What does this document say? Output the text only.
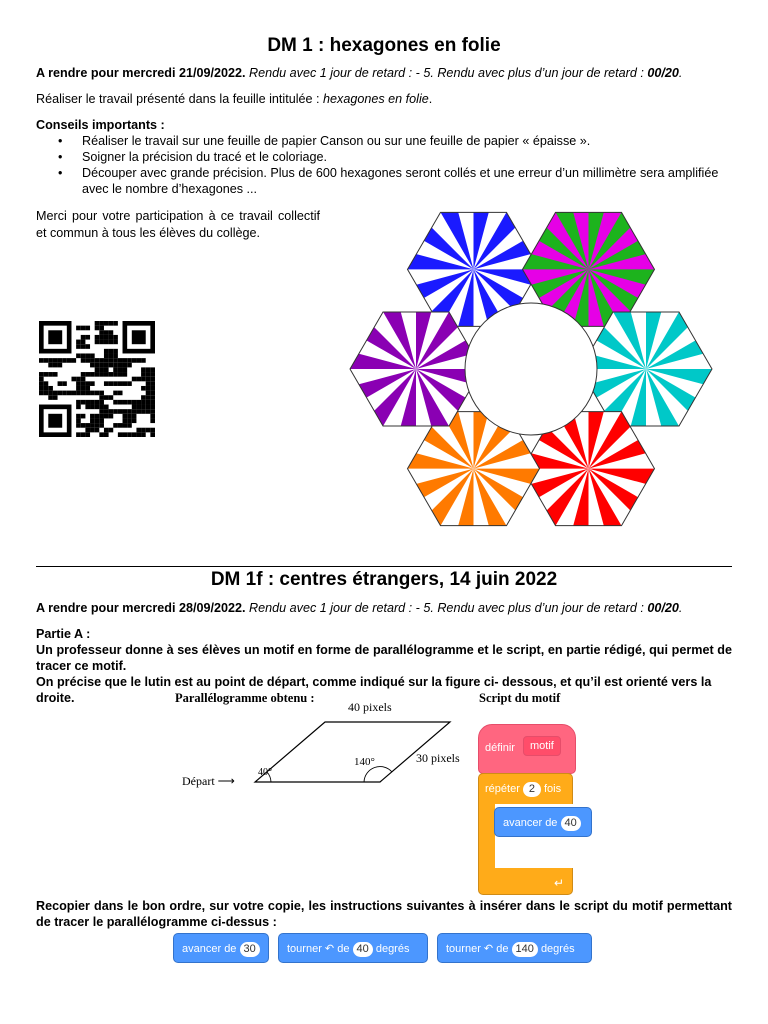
DM 1 : hexagones en folie
A rendre pour mercredi 21/09/2022. Rendu avec 1 jour de retard : - 5. Rendu avec plus d’un jour de retard : 00/20.
Réaliser le travail présenté dans la feuille intitulée : hexagones en folie.
Conseils importants :
• Réaliser le travail sur une feuille de papier Canson ou sur une feuille de papier « épaisse ».
• Soigner la précision du tracé et le coloriage.
• Découper avec grande précision. Plus de 600 hexagones seront collés et une erreur d’un millimètre sera amplifiée avec le nombre d’hexagones ...
Merci pour votre participation à ce travail collectif et commun à tous les élèves du collège.
DM 1f : centres étrangers, 14 juin 2022
A rendre pour mercredi 28/09/2022. Rendu avec 1 jour de retard : - 5. Rendu avec plus d’un jour de retard : 00/20.
Partie A :
Un professeur donne à ses élèves un motif en forme de parallélogramme et le script, en partie rédigé, qui permet de tracer ce motif.
On précise que le lutin est au point de départ, comme indiqué sur la figure ci- dessous, et qu’il est orienté vers la droite.	Parallélogramme obtenu :
40 pixels
30 pixels
140°
40°
Départ ⟶
Script du motif
définir	motif
répéter 2 fois
↵
avancer de 40
Recopier dans le bon ordre, sur votre copie, les instructions suivantes à insérer dans le script du motif permettant de tracer le parallélogramme ci-dessus :
avancer de 30	tourner ↶ de 40 degrés	tourner ↶ de 140 degrés
